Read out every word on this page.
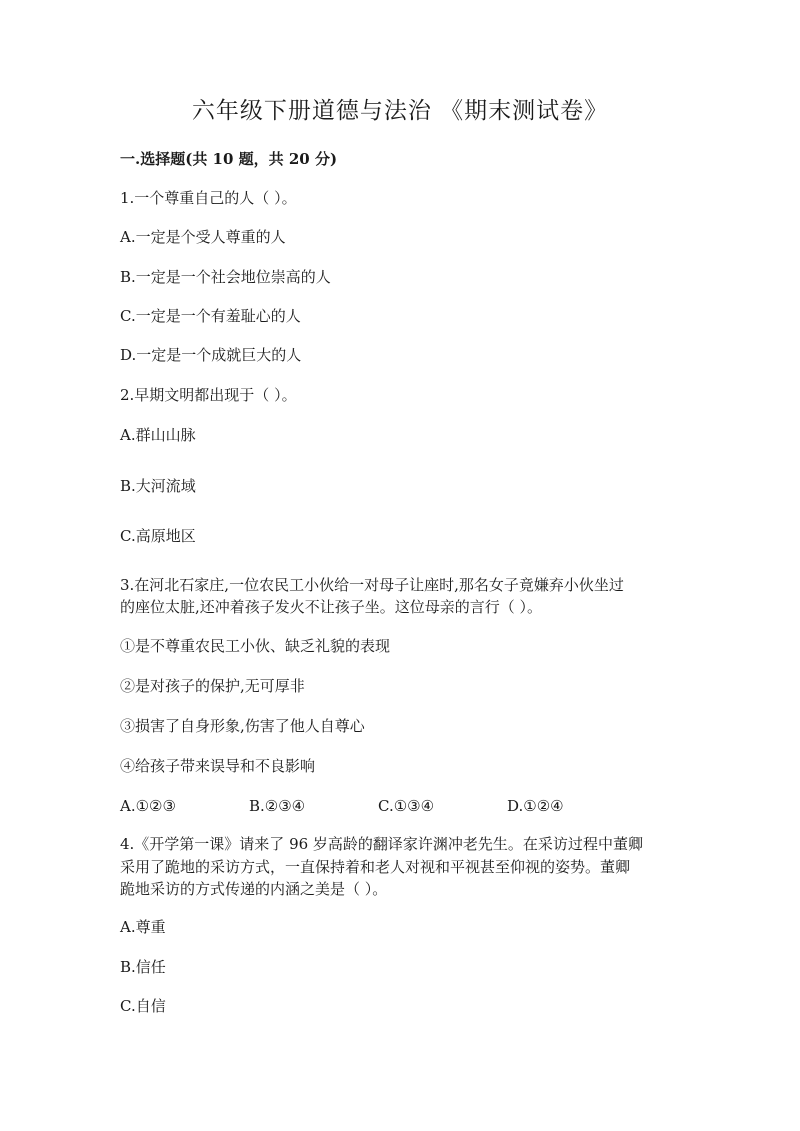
六年级下册道德与法治 《期末测试卷》
一.选择题(共 10 题，共 20 分)
1.一个尊重自己的人（ ）。
A.一定是个受人尊重的人
B.一定是一个社会地位崇高的人
C.一定是一个有羞耻心的人
D.一定是一个成就巨大的人
2.早期文明都出现于（ ）。
A.群山山脉
B.大河流域
C.高原地区
3.在河北石家庄,一位农民工小伙给一对母子让座时,那名女子竟嫌弃小伙坐过
的座位太脏,还冲着孩子发火不让孩子坐。这位母亲的言行（ ）。
①是不尊重农民工小伙、缺乏礼貌的表现
②是对孩子的保护,无可厚非
③损害了自身形象,伤害了他人自尊心
④给孩子带来误导和不良影响
A.①②③	B.②③④	C.①③④	D.①②④
4.《开学第一课》请来了 96 岁高龄的翻译家许渊冲老先生。在采访过程中董卿
采用了跪地的采访方式，一直保持着和老人对视和平视甚至仰视的姿势。董卿
跪地采访的方式传递的内涵之美是（ ）。
A.尊重
B.信任
C.自信
